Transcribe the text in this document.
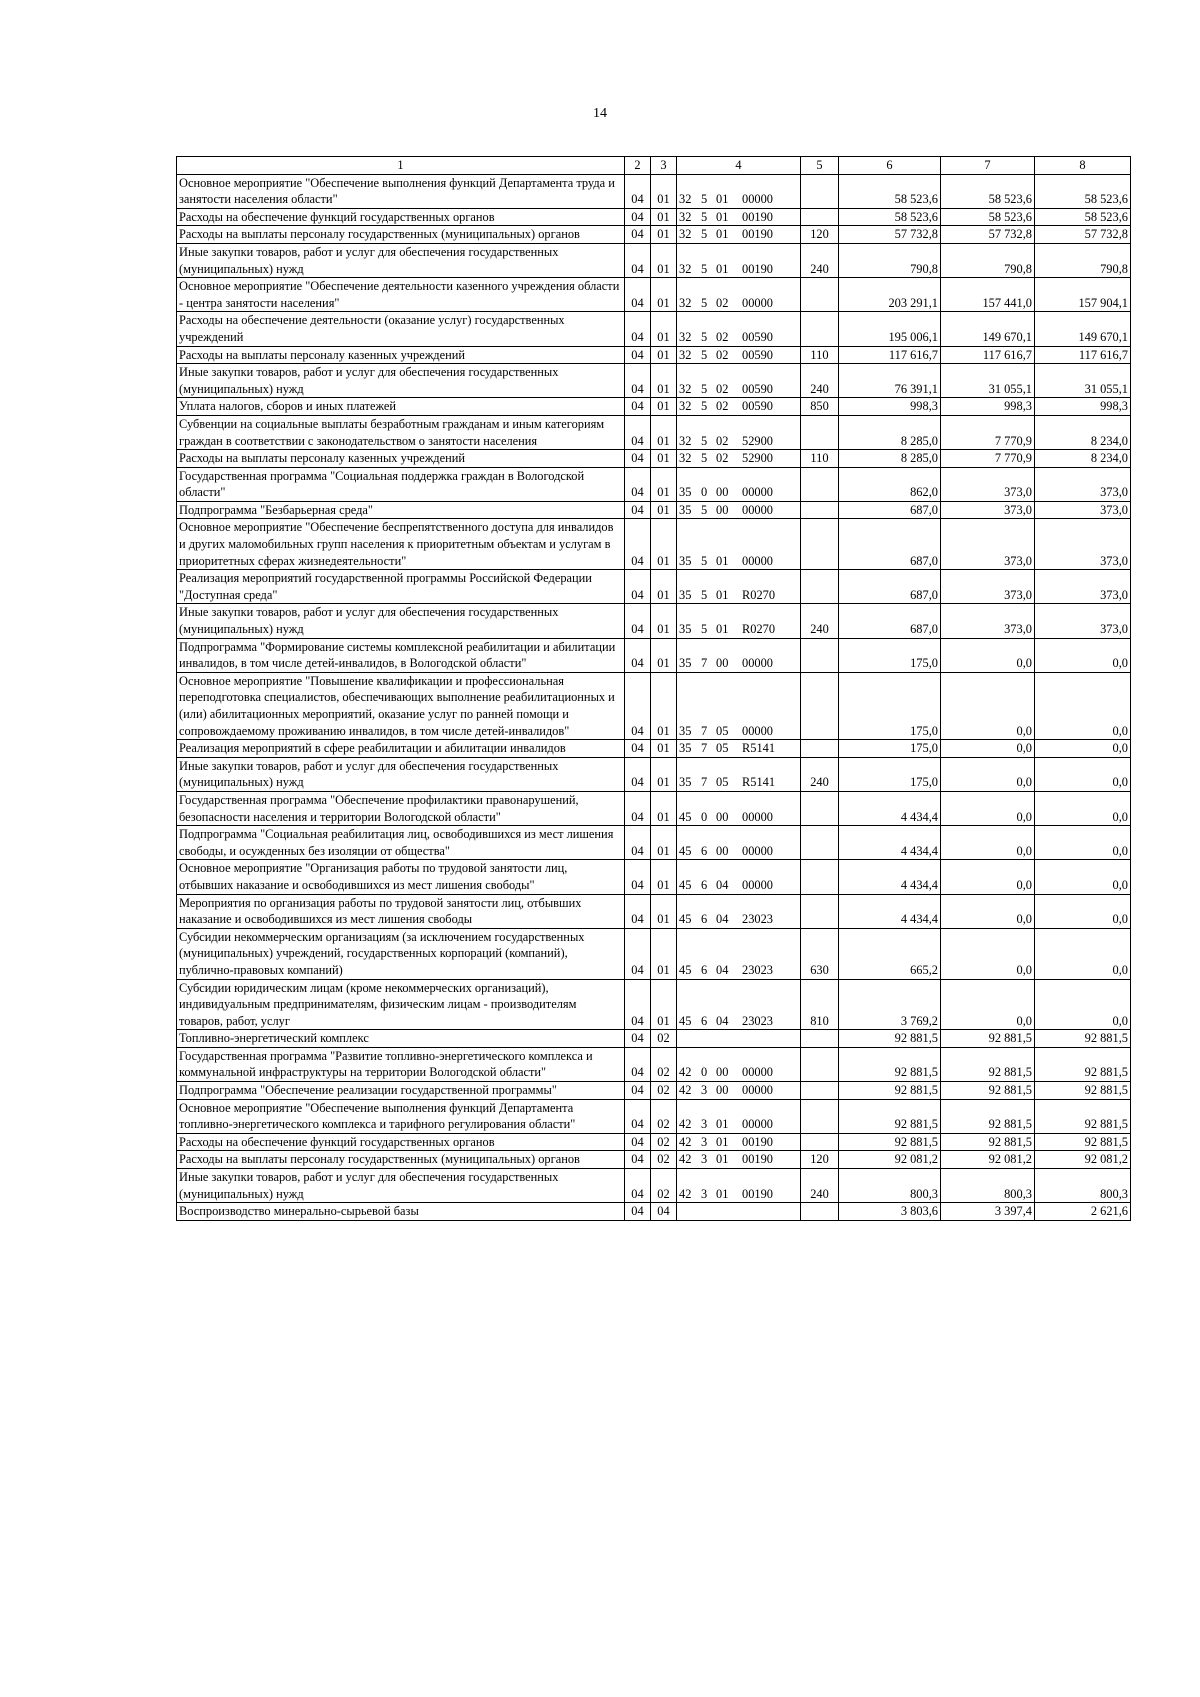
14
1	2	3	4	5	6	7	8
Основное мероприятие "Обеспечение выполнения функций Департамента труда и занятости населения области"	04	01	32 5 01 00000		58 523,6	58 523,6	58 523,6
Расходы на обеспечение функций государственных органов	04	01	32 5 01 00190		58 523,6	58 523,6	58 523,6
Расходы на выплаты персоналу государственных (муниципальных) органов	04	01	32 5 01 00190	120	57 732,8	57 732,8	57 732,8
Иные закупки товаров, работ и услуг для обеспечения государственных (муниципальных) нужд	04	01	32 5 01 00190	240	790,8	790,8	790,8
Основное мероприятие "Обеспечение деятельности казенного учреждения области - центра занятости населения"	04	01	32 5 02 00000		203 291,1	157 441,0	157 904,1
Расходы на обеспечение деятельности (оказание услуг) государственных учреждений	04	01	32 5 02 00590		195 006,1	149 670,1	149 670,1
Расходы на выплаты персоналу казенных учреждений	04	01	32 5 02 00590	110	117 616,7	117 616,7	117 616,7
Иные закупки товаров, работ и услуг для обеспечения государственных (муниципальных) нужд	04	01	32 5 02 00590	240	76 391,1	31 055,1	31 055,1
Уплата налогов, сборов и иных платежей	04	01	32 5 02 00590	850	998,3	998,3	998,3
Субвенции на социальные выплаты безработным гражданам и иным категориям граждан в соответствии с законодательством о занятости населения	04	01	32 5 02 52900		8 285,0	7 770,9	8 234,0
Расходы на выплаты персоналу казенных учреждений	04	01	32 5 02 52900	110	8 285,0	7 770,9	8 234,0
Государственная программа "Социальная поддержка граждан в Вологодской области"	04	01	35 0 00 00000		862,0	373,0	373,0
Подпрограмма "Безбарьерная среда"	04	01	35 5 00 00000		687,0	373,0	373,0
Основное мероприятие "Обеспечение беспрепятственного доступа для инвалидов и других маломобильных групп населения к приоритетным объектам и услугам в приоритетных сферах жизнедеятельности"	04	01	35 5 01 00000		687,0	373,0	373,0
Реализация мероприятий государственной программы Российской Федерации "Доступная среда"	04	01	35 5 01 R0270		687,0	373,0	373,0
Иные закупки товаров, работ и услуг для обеспечения государственных (муниципальных) нужд	04	01	35 5 01 R0270	240	687,0	373,0	373,0
Подпрограмма "Формирование системы комплексной реабилитации и абилитации инвалидов, в том числе детей-инвалидов, в Вологодской области"	04	01	35 7 00 00000		175,0	0,0	0,0
Основное мероприятие "Повышение квалификации и профессиональная переподготовка специалистов, обеспечивающих выполнение реабилитационных и (или) абилитационных мероприятий, оказание услуг по ранней помощи и сопровождаемому проживанию инвалидов, в том числе детей-инвалидов"	04	01	35 7 05 00000		175,0	0,0	0,0
Реализация мероприятий в сфере реабилитации и абилитации инвалидов	04	01	35 7 05 R5141		175,0	0,0	0,0
Иные закупки товаров, работ и услуг для обеспечения государственных (муниципальных) нужд	04	01	35 7 05 R5141	240	175,0	0,0	0,0
Государственная программа "Обеспечение профилактики правонарушений, безопасности населения и территории Вологодской области"	04	01	45 0 00 00000		4 434,4	0,0	0,0
Подпрограмма "Социальная реабилитация лиц, освободившихся из мест лишения свободы, и осужденных без изоляции от общества"	04	01	45 6 00 00000		4 434,4	0,0	0,0
Основное мероприятие "Организация работы по трудовой занятости лиц, отбывших наказание и освободившихся из мест лишения свободы"	04	01	45 6 04 00000		4 434,4	0,0	0,0
Мероприятия по организация работы по трудовой занятости лиц, отбывших наказание и освободившихся из мест лишения свободы	04	01	45 6 04 23023		4 434,4	0,0	0,0
Субсидии некоммерческим организациям (за исключением государственных (муниципальных) учреждений, государственных корпораций (компаний), публично-правовых компаний)	04	01	45 6 04 23023	630	665,2	0,0	0,0
Субсидии юридическим лицам (кроме некоммерческих организаций), индивидуальным предпринимателям, физическим лицам - производителям товаров, работ, услуг	04	01	45 6 04 23023	810	3 769,2	0,0	0,0
Топливно-энергетический комплекс	04	02			92 881,5	92 881,5	92 881,5
Государственная программа "Развитие топливно-энергетического комплекса и коммунальной инфраструктуры на территории Вологодской области"	04	02	42 0 00 00000		92 881,5	92 881,5	92 881,5
Подпрограмма "Обеспечение реализации государственной программы"	04	02	42 3 00 00000		92 881,5	92 881,5	92 881,5
Основное мероприятие "Обеспечение выполнения функций Департамента топливно-энергетического комплекса и тарифного регулирования области"	04	02	42 3 01 00000		92 881,5	92 881,5	92 881,5
Расходы на обеспечение функций государственных органов	04	02	42 3 01 00190		92 881,5	92 881,5	92 881,5
Расходы на выплаты персоналу государственных (муниципальных) органов	04	02	42 3 01 00190	120	92 081,2	92 081,2	92 081,2
Иные закупки товаров, работ и услуг для обеспечения государственных (муниципальных) нужд	04	02	42 3 01 00190	240	800,3	800,3	800,3
Воспроизводство минерально-сырьевой базы	04	04			3 803,6	3 397,4	2 621,6
